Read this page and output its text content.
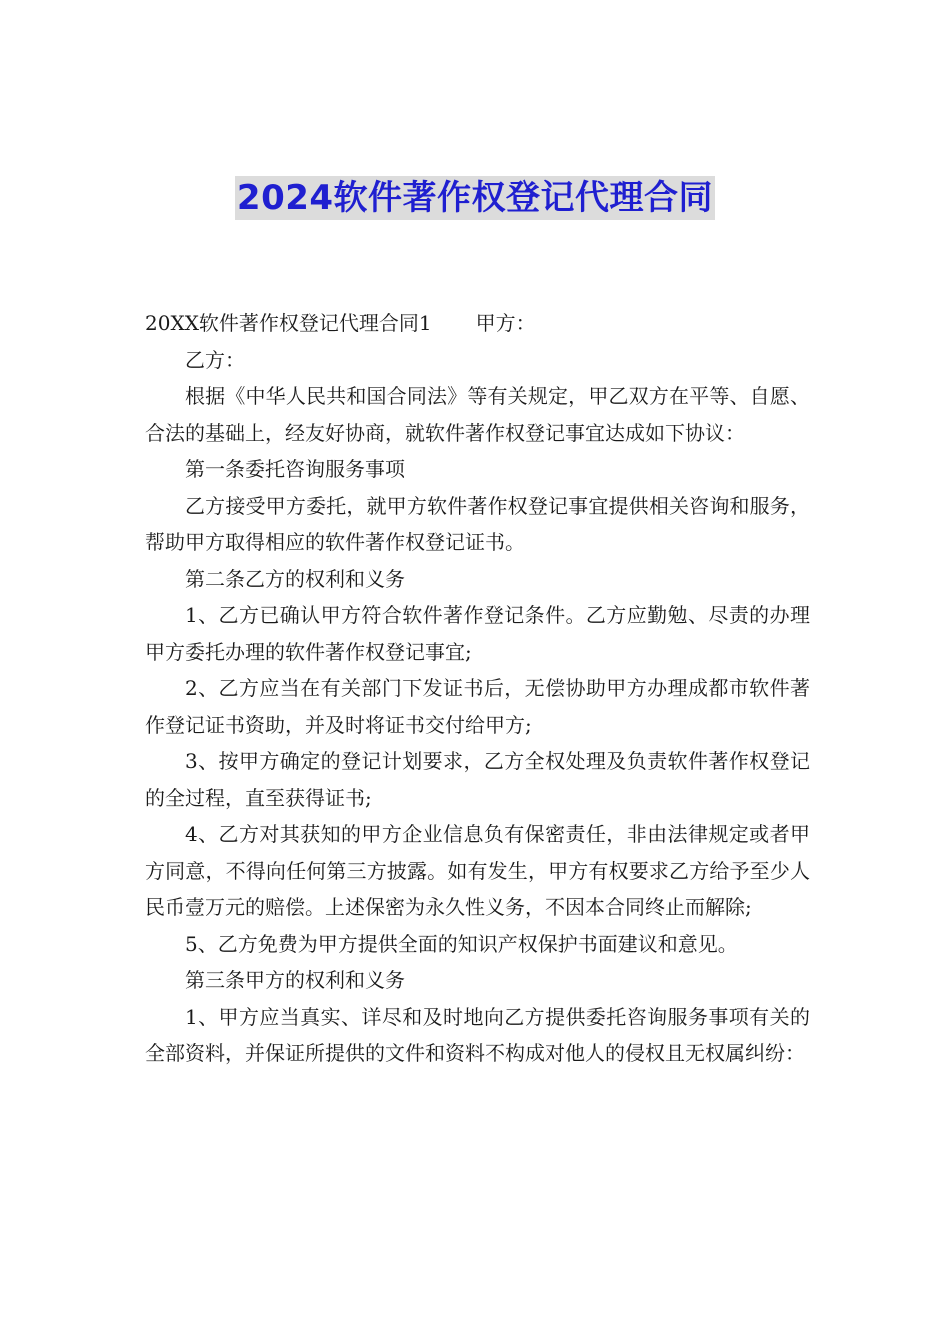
2024软件著作权登记代理合同
20XX软件著作权登记代理合同1 甲方：

乙方：

根据《中华人民共和国合同法》等有关规定，甲乙双方在平等、自愿、合法的基础上，经友好协商，就软件著作权登记事宜达成如下协议：

第一条委托咨询服务事项

乙方接受甲方委托，就甲方软件著作权登记事宜提供相关咨询和服务，帮助甲方取得相应的软件著作权登记证书。

第二条乙方的权利和义务

1、乙方已确认甲方符合软件著作登记条件。乙方应勤勉、尽责的办理甲方委托办理的软件著作权登记事宜;

2、乙方应当在有关部门下发证书后，无偿协助甲方办理成都市软件著作登记证书资助，并及时将证书交付给甲方;

3、按甲方确定的登记计划要求，乙方全权处理及负责软件著作权登记的全过程，直至获得证书;

4、乙方对其获知的甲方企业信息负有保密责任，非由法律规定或者甲方同意，不得向任何第三方披露。如有发生，甲方有权要求乙方给予至少人民币壹万元的赔偿。上述保密为永久性义务，不因本合同终止而解除;

5、乙方免费为甲方提供全面的知识产权保护书面建议和意见。

第三条甲方的权利和义务

1、甲方应当真实、详尽和及时地向乙方提供委托咨询服务事项有关的全部资料，并保证所提供的文件和资料不构成对他人的侵权且无权属纠纷：
